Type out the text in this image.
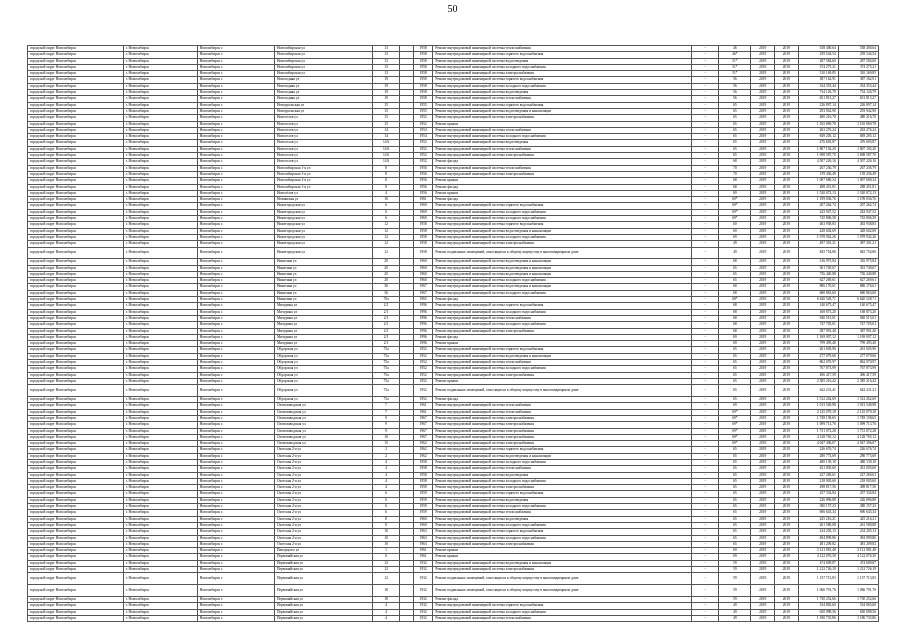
50
городской округ Новосибирск	г. Новосибирск	Новосибирск г.	Новосибирская ул	13		1958	Ремонт внутридомовой инженерной системы теплоснабжения	-	46	2019	2019	538 400,64	538 400,64
городской округ Новосибирск	г. Новосибирск	Новосибирск г.	Новосибирская ул	13		1958	Ремонт внутридомовой инженерной системы горячего водоснабжения	-	46*	2019	2019	259 544,54	259 544,54
городской округ Новосибирск	г. Новосибирск	Новосибирск г.	Новосибирская ул	13		1958	Ремонт внутридомовой инженерной системы водоотведения	-	51*	2019	2019	287 584,60	287 584,60
городской округ Новосибирск	г. Новосибирск	Новосибирск г.	Новосибирская ул	13		1958	Ремонт внутридомовой инженерной системы холодного водоснабжения	-	51*	2019	2019	374 275,21	374 275,21
городской округ Новосибирск	г. Новосибирск	Новосибирск г.	Новосибирская ул	13		1958	Ремонт внутридомовой инженерной системы электроснабжения	-	51*	2019	2019	310 169,85	310 169,85
городской округ Новосибирск	г. Новосибирск	Новосибирск г.	Новогодняя ул	19		1958	Ремонт внутридомовой инженерной системы горячего водоснабжения	-	56	2019	2019	387 162,91	387 162,91
городской округ Новосибирск	г. Новосибирск	Новосибирск г.	Новогодняя ул	19		1958	Ремонт внутридомовой инженерной системы холодного водоснабжения	-	56	2019	2019	334 353,44	334 353,44
городской округ Новосибирск	г. Новосибирск	Новосибирск г.	Новогодняя ул	19		1958	Ремонт внутридомовой инженерной системы водоотведения	-	56	2019	2019	734 126,79	734 126,79
городской округ Новосибирск	г. Новосибирск	Новосибирск г.	Новогодняя ул	19		1958	Ремонт внутридомовой инженерной системы теплоснабжения	-	56	2019	2019	651 815,27	651 815,27
городской округ Новосибирск	г. Новосибирск	Новосибирск г.	Новоуральская ул	15		1955	Ремонт внутридомовой инженерной системы горячего водоснабжения	-	65	2019	2019	226 897,14	226 897,14
городской округ Новосибирск	г. Новосибирск	Новосибирск г.	Новоуральская ул	15		1955	Ремонт внутридомовой инженерной системы водоотведения и канализации	-	65	2019	2019	293 942,90	293 942,90
городской округ Новосибирск	г. Новосибирск	Новосибирск г.	Новоселов ул	15		1952	Ремонт внутридомовой инженерной системы электроснабжения	-	65	2019	2019	480 216,70	480 216,70
городской округ Новосибирск	г. Новосибирск	Новосибирск г.	Новоселов ул	15		1952	Ремонт крыши	-	65	2019	2019	1 165 869,78	1 165 869,78
городской округ Новосибирск	г. Новосибирск	Новосибирск г.	Новоселов ул	14		1954	Ремонт внутридомовой инженерной системы теплоснабжения	-	65	2019	2019	263 276,24	263 276,24
городской округ Новосибирск	г. Новосибирск	Новосибирск г.	Новоселов ул	14		1954	Ремонт внутридомовой инженерной системы холодного водоснабжения	-	65	2019	2019	849 205,12	849 205,12
городской округ Новосибирск	г. Новосибирск	Новосибирск г.	Новоселов ул	14А		1952	Ремонт внутридомовой инженерной системы водоотведения	-	65	2019	2019	476 693,87	476 693,87
городской округ Новосибирск	г. Новосибирск	Новосибирск г.	Новоселов ул	14А		1952	Ремонт внутридомовой инженерной системы теплоснабжения	-	65	2019	2019	1 807 192,20	1 807 192,20
городской округ Новосибирск	г. Новосибирск	Новосибирск г.	Новоселов ул	14А		1952	Ремонт внутридомовой инженерной системы электроснабжения	-	65	2019	2019	1 698 587,70	1 698 587,70
городской округ Новосибирск	г. Новосибирск	Новосибирск г.	Новоселов ул	14А		1952	Ремонт фасада	-	68	2019	2019	4 507 226,16	4 507 226,16
городской округ Новосибирск	г. Новосибирск	Новосибирск г.	Новосибирская 1-я ул	8		1956	Ремонт внутридомовой инженерной системы теплоснабжения	-	70	2019	2019	267 236,79	267 236,79
городской округ Новосибирск	г. Новосибирск	Новосибирск г.	Новосибирская 1-я ул	8		1956	Ремонт внутридомовой инженерной системы электроснабжения	-	70	2019	2019	159 436,49	159 436,49
городской округ Новосибирск	г. Новосибирск	Новосибирск г.	Новосибирская 1-я ул	8		1956	Ремонт крыши	-	68	2019	2019	1 007 680,34	1 007 680,34
городской округ Новосибирск	г. Новосибирск	Новосибирск г.	Новосибирская 1-я ул	8		1956	Ремонт фасада	-	68	2019	2019	288 451,81	288 451,81
городской округ Новосибирск	г. Новосибирск	Новосибирск г.	Новосёлов ул	4		1956	Ремонт крыши	-	69	2019	2019	1 520 072,13	1 520 072,13
городской округ Новосибирск	г. Новосибирск	Новосибирск г.	Нежинская ул	16		1961	Ремонт фасада	-	69*	2019	2019	1 199 036,76	1 199 036,76
городской округ Новосибирск	г. Новосибирск	Новосибирск г.	Нижегородская ул	6		1969	Ремонт внутридомовой инженерной системы горячего водоснабжения	-	69*	2019	2019	207 262,74	207 262,74
городской округ Новосибирск	г. Новосибирск	Новосибирск г.	Нижегородская ул	6		1969	Ремонт внутридомовой инженерной системы холодного водоснабжения	-	69*	2019	2019	243 947,52	243 947,52
городской округ Новосибирск	г. Новосибирск	Новосибирск г.	Нижегородская ул	6		1969	Ремонт внутридомовой инженерной системы холодного водоснабжения	-	69*	2019	2019	745 806,58	745 806,58
городской округ Новосибирск	г. Новосибирск	Новосибирск г.	Нижегородская ул	12		1958	Ремонт внутридомовой инженерной системы горячего водоснабжения	-	60	2019	2019	463 938,83	463 938,83
городской округ Новосибирск	г. Новосибирск	Новосибирск г.	Нижегородская ул	12		1958	Ремонт внутридомовой инженерной системы водоотведения и канализации	-	60	2019	2019	428 602,69	428 602,69
городской округ Новосибирск	г. Новосибирск	Новосибирск г.	Нижегородская ул	12		1958	Ремонт внутридомовой инженерной системы холодного водоснабжения	-	69	2019	2019	1 078 942,26	1 078 942,26
городской округ Новосибирск	г. Новосибирск	Новосибирск г.	Нижегородская ул	12		1958	Ремонт внутридомовой инженерной системы электроснабжения	-	49	2019	2019	497 301,21	497 301,21
городской округ Новосибирск	г. Новосибирск	Новосибирск г.	Нижегородская ул	12		1958	Ремонт подвальных помещений, относящихся к общему имуществу в многоквартирном доме	-	49	2019	2019	845 754,86	845 754,86
городской округ Новосибирск	г. Новосибирск	Новосибирск г.	Никитина ул	20		1960	Ремонт внутридомовой инженерной системы водоотведения и канализации	-	68	2019	2019	316 975,84	316 975,84
городской округ Новосибирск	г. Новосибирск	Новосибирск г.	Никитина ул	20		1960	Ремонт внутридомовой инженерной системы водоотведения и канализации	-	65	2019	2019	301 749,67	301 749,67
городской округ Новосибирск	г. Новосибирск	Новосибирск г.	Никитина ул	20		1960	Ремонт внутридомовой инженерной системы водоотведения и канализации	-	65	2019	2019	756 440,88	756 440,88
городской округ Новосибирск	г. Новосибирск	Новосибирск г.	Никитина ул	20		1960	Ремонт внутридомовой инженерной системы холодного водоснабжения	-	65	2019	2019	627 269,61	627 269,61
городской округ Новосибирск	г. Новосибирск	Новосибирск г.	Никитина ул	36		1967	Ремонт внутридомовой инженерной системы водоотведения и канализации	-	68	2019	2019	886 176,61	886 176,61
городской округ Новосибирск	г. Новосибирск	Новосибирск г.	Никитина ул	36		1967	Ремонт внутридомовой инженерной системы холодного водоснабжения	-	68	2019	2019	680 863,60	680 863,60
городской округ Новосибирск	г. Новосибирск	Новосибирск г.	Никитина ул	70а		1965	Ремонт фасада	-	68*	2019	2019	6 620 528,71	6 620 528,71
городской округ Новосибирск	г. Новосибирск	Новосибирск г.	Мичурина ул	2/1		1996	Ремонт внутридомовой инженерной системы горячего водоснабжения	-	68	2019	2019	140 675,47	140 675,47
городской округ Новосибирск	г. Новосибирск	Новосибирск г.	Мичурина ул	2/1		1996	Ремонт внутридомовой инженерной системы холодного водоснабжения	-	68	2019	2019	168 873,20	168 873,20
городской округ Новосибирск	г. Новосибирск	Новосибирск г.	Мичурина ул	2/1		1996	Ремонт внутридомовой инженерной системы теплоснабжения	-	68	2019	2019	940 515,01	940 515,01
городской округ Новосибирск	г. Новосибирск	Новосибирск г.	Мичурина ул	2/1		1996	Ремонт внутридомовой инженерной системы холодного водоснабжения	-	68	2019	2019	747 705,01	747 705,01
городской округ Новосибирск	г. Новосибирск	Новосибирск г.	Мичурина ул	2/1		1996	Ремонт внутридомовой инженерной системы электроснабжения	-	68	2019	2019	387 991,40	387 991,40
городской округ Новосибирск	г. Новосибирск	Новосибирск г.	Мичурина ул	2/1		1996	Ремонт фасада	-	69	2019	2019	1 169 007,12	1 169 007,12
городской округ Новосибирск	г. Новосибирск	Новосибирск г.	Мичурина ул	2/1		1996	Ремонт крыши	-	69	2019	2019	799 495,40	799 495,40
городской округ Новосибирск	г. Новосибирск	Новосибирск г.	Обдорская ул	75а		1952	Ремонт внутридомовой инженерной системы горячего водоснабжения	-	65	2019	2019	261 605,96	261 605,96
городской округ Новосибирск	г. Новосибирск	Новосибирск г.	Обдорская ул	75а		1952	Ремонт внутридомовой инженерной системы водоотведения и канализации	-	65	2019	2019	277 079,66	277 079,66
городской округ Новосибирск	г. Новосибирск	Новосибирск г.	Обдорская ул	75а		1952	Ремонт внутридомовой инженерной системы теплоснабжения	-	65	2019	2019	862 070,97	862 070,97
городской округ Новосибирск	г. Новосибирск	Новосибирск г.	Обдорская ул	75а		1952	Ремонт внутридомовой инженерной системы холодного водоснабжения	-	65	2019	2019	767 873,99	767 873,99
городской округ Новосибирск	г. Новосибирск	Новосибирск г.	Обдорская ул	75а		1952	Ремонт внутридомовой инженерной системы электроснабжения	-	65	2019	2019	496 417,59	496 417,59
городской округ Новосибирск	г. Новосибирск	Новосибирск г.	Обдорская ул	75а		1952	Ремонт крыши	-	65	2019	2019	2 385 216,42	2 385 216,42
городской округ Новосибирск	г. Новосибирск	Новосибирск г.	Обдорская ул	75а		1952	Ремонт подвальных помещений, относящихся к общему имуществу в многоквартирном доме	-	65	2019	2019	642 231,41	642 231,41
городской округ Новосибирск	г. Новосибирск	Новосибирск г.	Обдорская ул	75а		1952	Ремонт фасада	-	65	2019	2019	1 512 262,69	1 512 262,69
городской округ Новосибирск	г. Новосибирск	Новосибирск г.	Оловозаводская ул	7		1961	Ремонт внутридомовой инженерной системы теплоснабжения	-	69	2019	2019	1 013 549,98	1 013 549,98
городской округ Новосибирск	г. Новосибирск	Новосибирск г.	Оловозаводская ул	7		1961	Ремонт внутридомовой инженерной системы теплоснабжения	-	69*	2019	2019	2 125 079,18	2 125 079,18
городской округ Новосибирск	г. Новосибирск	Новосибирск г.	Оловозаводская ул	9		1967	Ремонт внутридомовой инженерной системы электроснабжения	-	69*	2019	2019	1 749 158,65	1 749 158,65
городской округ Новосибирск	г. Новосибирск	Новосибирск г.	Оловозаводская ул	9		1967	Ремонт внутридомовой инженерной системы электроснабжения	-	69*	2019	2019	1 099 713,76	1 099 713,76
городской округ Новосибирск	г. Новосибирск	Новосибирск г.	Оловозаводская ул	9		1967	Ремонт внутридомовой инженерной системы электроснабжения	-	69*	2019	2019	1 731 072,28	1 731 072,28
городской округ Новосибирск	г. Новосибирск	Новосибирск г.	Оловозаводская ул	10		1967	Ремонт внутридомовой инженерной системы электроснабжения	-	69*	2019	2019	4 128 765,12	4 128 765,12
городской округ Новосибирск	г. Новосибирск	Новосибирск г.	Оловозаводская ул	15		1962	Ремонт внутридомовой инженерной системы электроснабжения	-	69*	2019	2019	4 047 306,07	4 047 306,07
городской округ Новосибирск	г. Новосибирск	Новосибирск г.	Охотская 2-я ул	2		1962	Ремонт внутридомовой инженерной системы горячего водоснабжения	-	65	2019	2019	226 676,74	226 676,74
городской округ Новосибирск	г. Новосибирск	Новосибирск г.	Охотская 2-я ул	2		1962	Ремонт внутридомовой инженерной системы водоотведения и канализации	-	65	2019	2019	280 773,69	280 773,69
городской округ Новосибирск	г. Новосибирск	Новосибирск г.	Охотская 2-я ул	4		1958	Ремонт внутридомовой инженерной системы холодного водоснабжения	-	65	2019	2019	480 139,10	480 139,10
городской округ Новосибирск	г. Новосибирск	Новосибирск г.	Охотская 2-я ул	4		1958	Ремонт внутридомовой инженерной системы теплоснабжения	-	65	2019	2019	451 005,60	451 005,60
городской округ Новосибирск	г. Новосибирск	Новосибирск г.	Охотская 2-я ул	4		1958	Ремонт внутридомовой инженерной системы водоотведения	-	65	2019	2019	227 269,61	227 269,61
городской округ Новосибирск	г. Новосибирск	Новосибирск г.	Охотская 2-я ул	4		1958	Ремонт внутридомовой инженерной системы холодного водоснабжения	-	65	2019	2019	218 905,60	218 905,60
городской округ Новосибирск	г. Новосибирск	Новосибирск г.	Охотская 2-я ул	4		1958	Ремонт внутридомовой инженерной системы электроснабжения	-	65	2019	2019	498 817,56	498 817,56
городской округ Новосибирск	г. Новосибирск	Новосибирск г.	Охотская 2-я ул	6		1959	Ремонт внутридомовой инженерной системы горячего водоснабжения	-	65	2019	2019	257 334,84	257 334,84
городской округ Новосибирск	г. Новосибирск	Новосибирск г.	Охотская 2-я ул	6		1959	Ремонт внутридомовой инженерной системы водоотведения	-	65	2019	2019	226 896,88	226 896,88
городской округ Новосибирск	г. Новосибирск	Новосибирск г.	Охотская 2-я ул	6		1959	Ремонт внутридомовой инженерной системы холодного водоснабжения	-	65	2019	2019	380 157,23	380 157,23
городской округ Новосибирск	г. Новосибирск	Новосибирск г.	Охотская 2-я ул	6		1959	Ремонт внутридомовой инженерной системы теплоснабжения	-	65	2019	2019	696 643,34	696 643,34
городской округ Новосибирск	г. Новосибирск	Новосибирск г.	Охотская 2-я ул	8		1960	Ремонт внутридомовой инженерной системы водоотведения	-	65	2019	2019	425 216,21	425 216,21
городской округ Новосибирск	г. Новосибирск	Новосибирск г.	Охотская 2-я ул	8		1960	Ремонт внутридомовой инженерной системы холодного водоснабжения	-	65	2019	2019	261 580,08	261 580,08
городской округ Новосибирск	г. Новосибирск	Новосибирск г.	Охотская 2-я ул	10		1963	Ремонт внутридомовой инженерной системы горячего водоснабжения	-	65	2019	2019	234 205,13	234 205,13
городской округ Новосибирск	г. Новосибирск	Новосибирск г.	Охотская 2-я ул	10		1963	Ремонт внутридомовой инженерной системы холодного водоснабжения	-	65	2019	2019	494 899,86	494 899,86
городской округ Новосибирск	г. Новосибирск	Новосибирск г.	Охотская 2-я ул	10		1963	Ремонт внутридомовой инженерной системы электроснабжения	-	65	2019	2019	481 209,82	481 209,82
городской округ Новосибирск	г. Новосибирск	Новосибирск г.	Павлуцкого ул	1		1961	Ремонт крыши	-	69	2019	2019	3 121 981,48	3 121 981,48
городской округ Новосибирск	г. Новосибирск	Новосибирск г.	Первомайская ул	6		1961	Ремонт крыши	-	69	2019	2019	4 122 076,30	4 122 076,30
городской округ Новосибирск	г. Новосибирск	Новосибирск г.	Первомайская ул	12		1932	Ремонт внутридомовой инженерной системы водоотведения и канализации	-	59	2019	2019	474 609,87	474 609,87
городской округ Новосибирск	г. Новосибирск	Новосибирск г.	Первомайская ул	12		1932	Ремонт внутридомовой инженерной системы электроснабжения	-	59	2019	2019	1 212 726,19	1 212 726,19
городской округ Новосибирск	г. Новосибирск	Новосибирск г.	Первомайская ул	12		1932	Ремонт подвальных помещений, относящихся к общему имуществу в многоквартирном доме	-	59	2019	2019	1 157 713,83	1 157 713,83
городской округ Новосибирск	г. Новосибирск	Новосибирск г.	Первомайская ул	18		1932	Ремонт подвальных помещений, относящихся к общему имуществу в многоквартирном доме	-	59	2019	2019	1 066 791,76	1 066 791,76
городской округ Новосибирск	г. Новосибирск	Новосибирск г.	Первомайская ул	18		1932	Ремонт фасада	-	59	2019	2019	1 730 252,66	1 730 252,66
городской округ Новосибирск	г. Новосибирск	Новосибирск г.	Первомайская ул	4		1932	Ремонт внутридомовой инженерной системы горячего водоснабжения	-	49	2019	2019	534 865,60	534 865,60
городской округ Новосибирск	г. Новосибирск	Новосибирск г.	Первомайская ул	4		1932	Ремонт внутридомовой инженерной системы холодного водоснабжения	-	49	2019	2019	650 098,56	650 098,56
городской округ Новосибирск	г. Новосибирск	Новосибирск г.	Первомайская ул	4		1932	Ремонт внутридомовой инженерной системы теплоснабжения	-	49	2019	2019	1 180 735,86	1 180 735,86
